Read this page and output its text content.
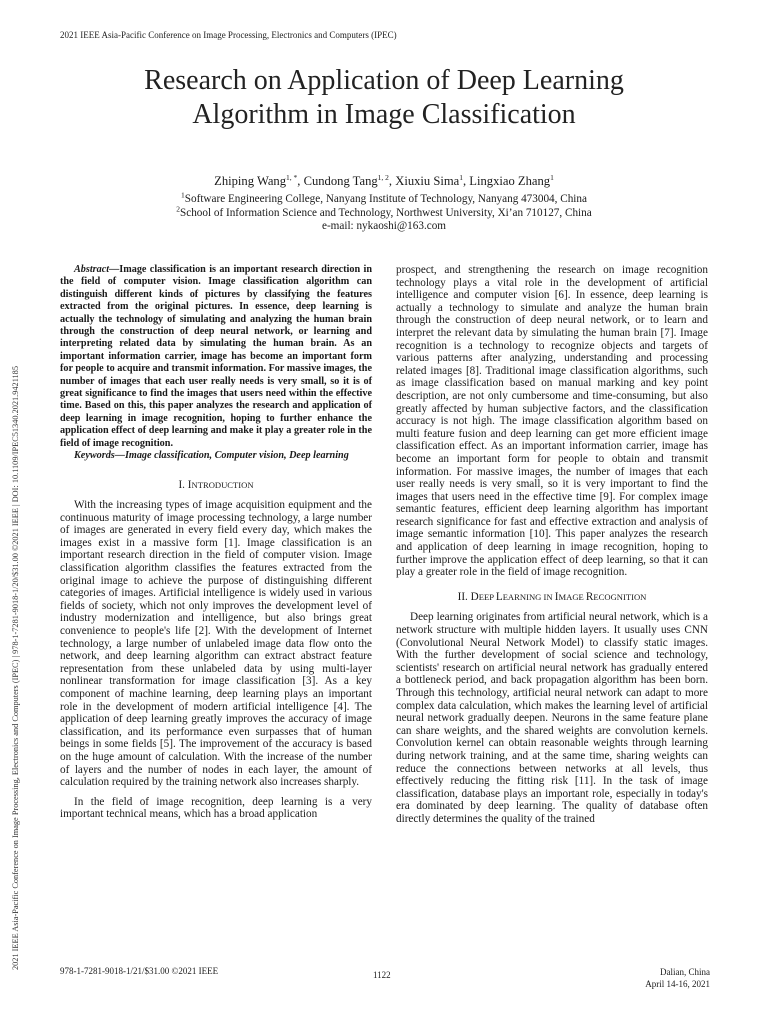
2021 IEEE Asia-Pacific Conference on Image Processing, Electronics and Computers (IPEC)
2021 IEEE Asia-Pacific Conference on Image Processing, Electronics and Computers (IPEC) | 978-1-7281-9018-1/20/$31.00 ©2021 IEEE | DOI: 10.1109/IPEC51340.2021.9421185
Research on Application of Deep Learning
Algorithm in Image Classification
Zhiping Wang$^{1, *}$, Cundong Tang$^{1, 2}$, Xiuxiu Sima$^1$, Lingxiao Zhang$^1$
$^1$Software Engineering College, Nanyang Institute of Technology, Nanyang 473004, China
$^2$School of Information Science and Technology, Northwest University, Xi’an 710127, China
e-mail: nykaoshi@163.com

Abstract—Image classification is an important research direction in the field of computer vision. Image classification algorithm can distinguish different kinds of pictures by classifying the features extracted from the original pictures. In essence, deep learning is actually the technology of simulating and analyzing the human brain through the construction of deep neural network, or learning and interpreting related data by simulating the human brain. As an important information carrier, image has become an important form for people to acquire and transmit information. For massive images, the number of images that each user really needs is very small, so it is of great significance to find the images that users need within the effective time. Based on this, this paper analyzes the research and application of deep learning in image recognition, hoping to further enhance the application effect of deep learning and make it play a greater role in the field of image recognition.

Keywords—Image classification, Computer vision, Deep learning

I. INTRODUCTION

With the increasing types of image acquisition equipment and the continuous maturity of image processing technology, a large number of images are generated in every field every day, which makes the images exist in a massive form [1]. Image classification is an important research direction in the field of computer vision. Image classification algorithm classifies the features extracted from the original image to achieve the purpose of distinguishing different categories of images. Artificial intelligence is widely used in various fields of society, which not only improves the development level of industry modernization and intelligence, but also brings great convenience to people's life [2]. With the development of Internet technology, a large number of unlabeled image data flow onto the network, and deep learning algorithm can extract abstract feature representation from these unlabeled data by using multi-layer nonlinear transformation for image classification [3]. As a key component of machine learning, deep learning plays an important role in the development of modern artificial intelligence [4]. The application of deep learning greatly improves the accuracy of image classification, and its performance even surpasses that of human beings in some fields [5]. The improvement of the accuracy is based on the huge amount of calculation. With the increase of the number of layers and the number of nodes in each layer, the amount of calculation required by the training network also increases sharply.

In the field of image recognition, deep learning is a very important technical means, which has a broad application

prospect, and strengthening the research on image recognition technology plays a vital role in the development of artificial intelligence and computer vision [6]. In essence, deep learning is actually a technology to simulate and analyze the human brain through the construction of deep neural network, or to learn and interpret the relevant data by simulating the human brain [7]. Image recognition is a technology to recognize objects and targets of various patterns after analyzing, understanding and processing related images [8]. Traditional image classification algorithms, such as image classification based on manual marking and key point description, are not only cumbersome and time-consuming, but also greatly affected by human subjective factors, and the classification accuracy is not high. The image classification algorithm based on multi feature fusion and deep learning can get more efficient image classification effect. As an important information carrier, image has become an important form for people to obtain and transmit information. For massive images, the number of images that each user really needs is very small, so it is very important to find the images that users need in the effective time [9]. For complex image semantic features, efficient deep learning algorithm has important research significance for fast and effective extraction and analysis of image semantic information [10]. This paper analyzes the research and application of deep learning in image recognition, hoping to further improve the application effect of deep learning, so that it can play a greater role in the field of image recognition.

II. DEEP LEARNING IN IMAGE RECOGNITION

Deep learning originates from artificial neural network, which is a network structure with multiple hidden layers. It usually uses CNN (Convolutional Neural Network Model) to classify static images. With the further development of social science and technology, scientists' research on artificial neural network has gradually entered a bottleneck period, and back propagation algorithm has been born. Through this technology, artificial neural network can adapt to more complex data calculation, which makes the learning level of artificial neural network gradually deepen. Neurons in the same feature plane can share weights, and the shared weights are convolution kernels. Convolution kernel can obtain reasonable weights through learning during network training, and at the same time, sharing weights can reduce the connections between networks at all levels, thus effectively reducing the fitting risk [11]. In the task of image classification, database plays an important role, especially in today's era dominated by deep learning. The quality of database often directly determines the quality of the trained

978-1-7281-9018-1/21/$31.00 ©2021 IEEE	1122	Dalian, China
April 14-16, 2021
